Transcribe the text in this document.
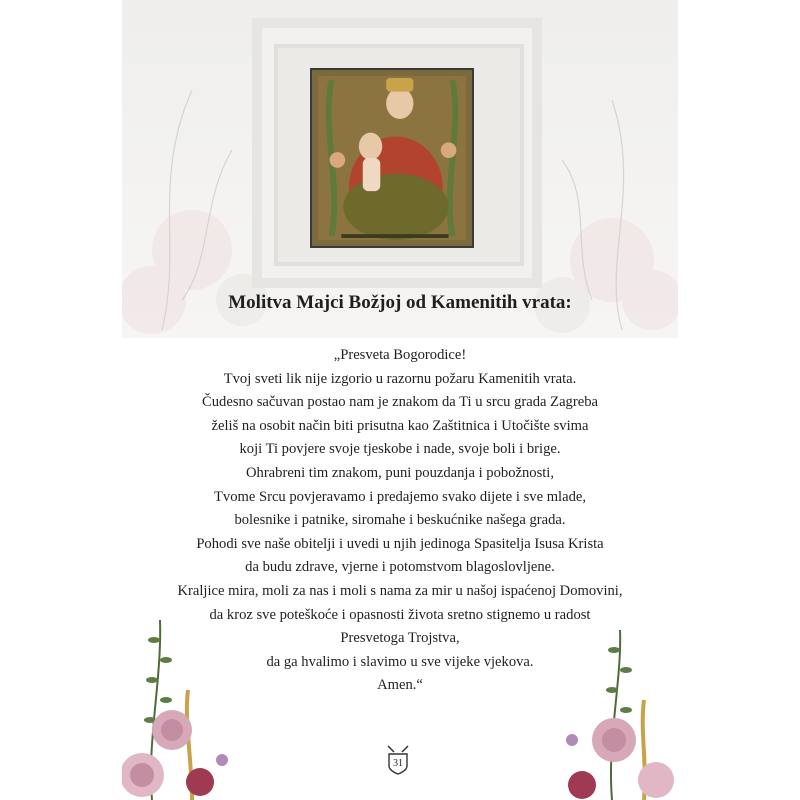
Molitva Majci Božjoj od Kamenitih vrata:
„Presveta Bogorodice!
Tvoj sveti lik nije izgorio u razornu požaru Kamenitih vrata.
Čudesno sačuvan postao nam je znakom da Ti u srcu grada Zagreba
želiš na osobit način biti prisutna kao Zaštitnica i Utočište svima
koji Ti povjere svoje tjeskobe i nade, svoje boli i brige.
Ohrabreni tim znakom, puni pouzdanja i pobožnosti,
Tvome Srcu povjeravamo i predajemo svako dijete i sve mlade,
bolesnike i patnike, siromahe i beskućnike našega grada.
Pohodi sve naše obitelji i uvedi u njih jedinoga Spasitelja Isusa Krista
da budu zdrave, vjerne i potomstvom blagoslovljene.
Kraljice mira, moli za nas i moli s nama za mir u našoj ispaćenoj Domovini,
da kroz sve poteškoće i opasnosti života sretno stignemo u radost
Presvetoga Trojstva,
da ga hvalimo i slavimo u sve vijeke vjekova.
Amen.“
31
